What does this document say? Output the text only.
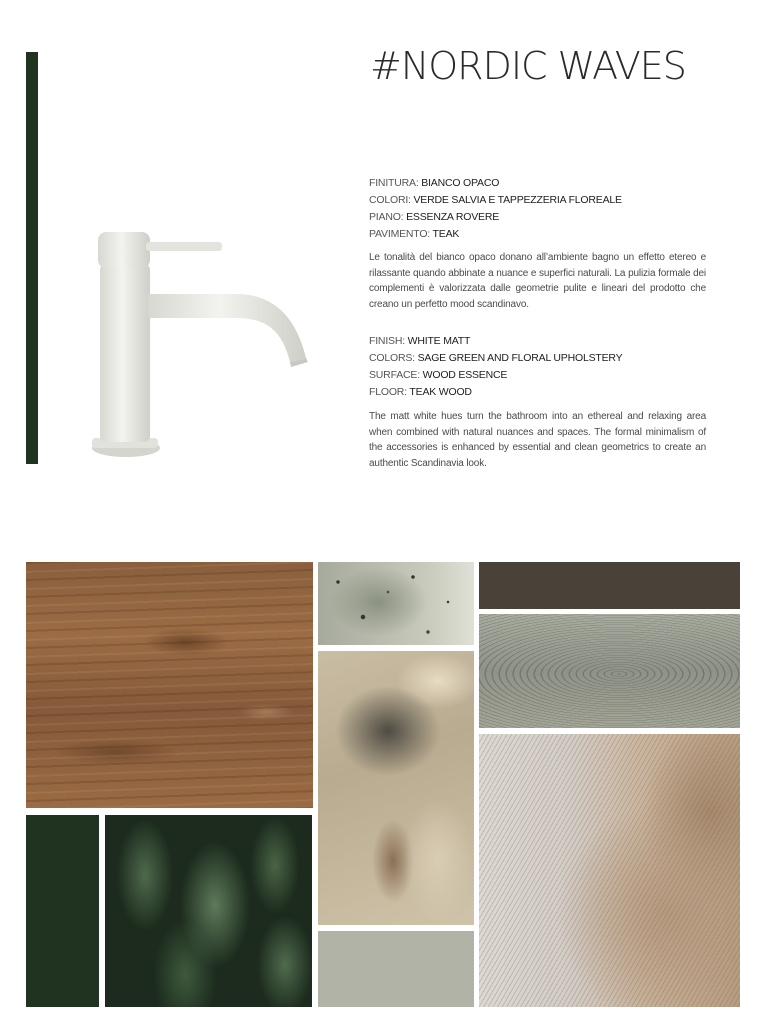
#NORDIC WAVES
FINITURA: BIANCO OPACO
COLORI: VERDE SALVIA E TAPPEZZERIA FLOREALE
PIANO: ESSENZA ROVERE
PAVIMENTO: TEAK

Le tonalità del bianco opaco donano all’ambiente bagno un effetto etereo e rilassante quando abbinate a nuance e superfici naturali. La pulizia formale dei complementi è valorizzata dalle geometrie pulite e lineari del prodotto che creano un perfetto mood scandinavo.

FINISH: WHITE MATT
COLORS: SAGE GREEN AND FLORAL UPHOLSTERY
SURFACE: WOOD ESSENCE
FLOOR: TEAK WOOD

The matt white hues turn the bathroom into an ethereal and relaxing area when combined with natural nuances and spaces. The formal minimalism of the accessories is enhanced by essential and clean geometrics to create an authentic Scandinavia look.
